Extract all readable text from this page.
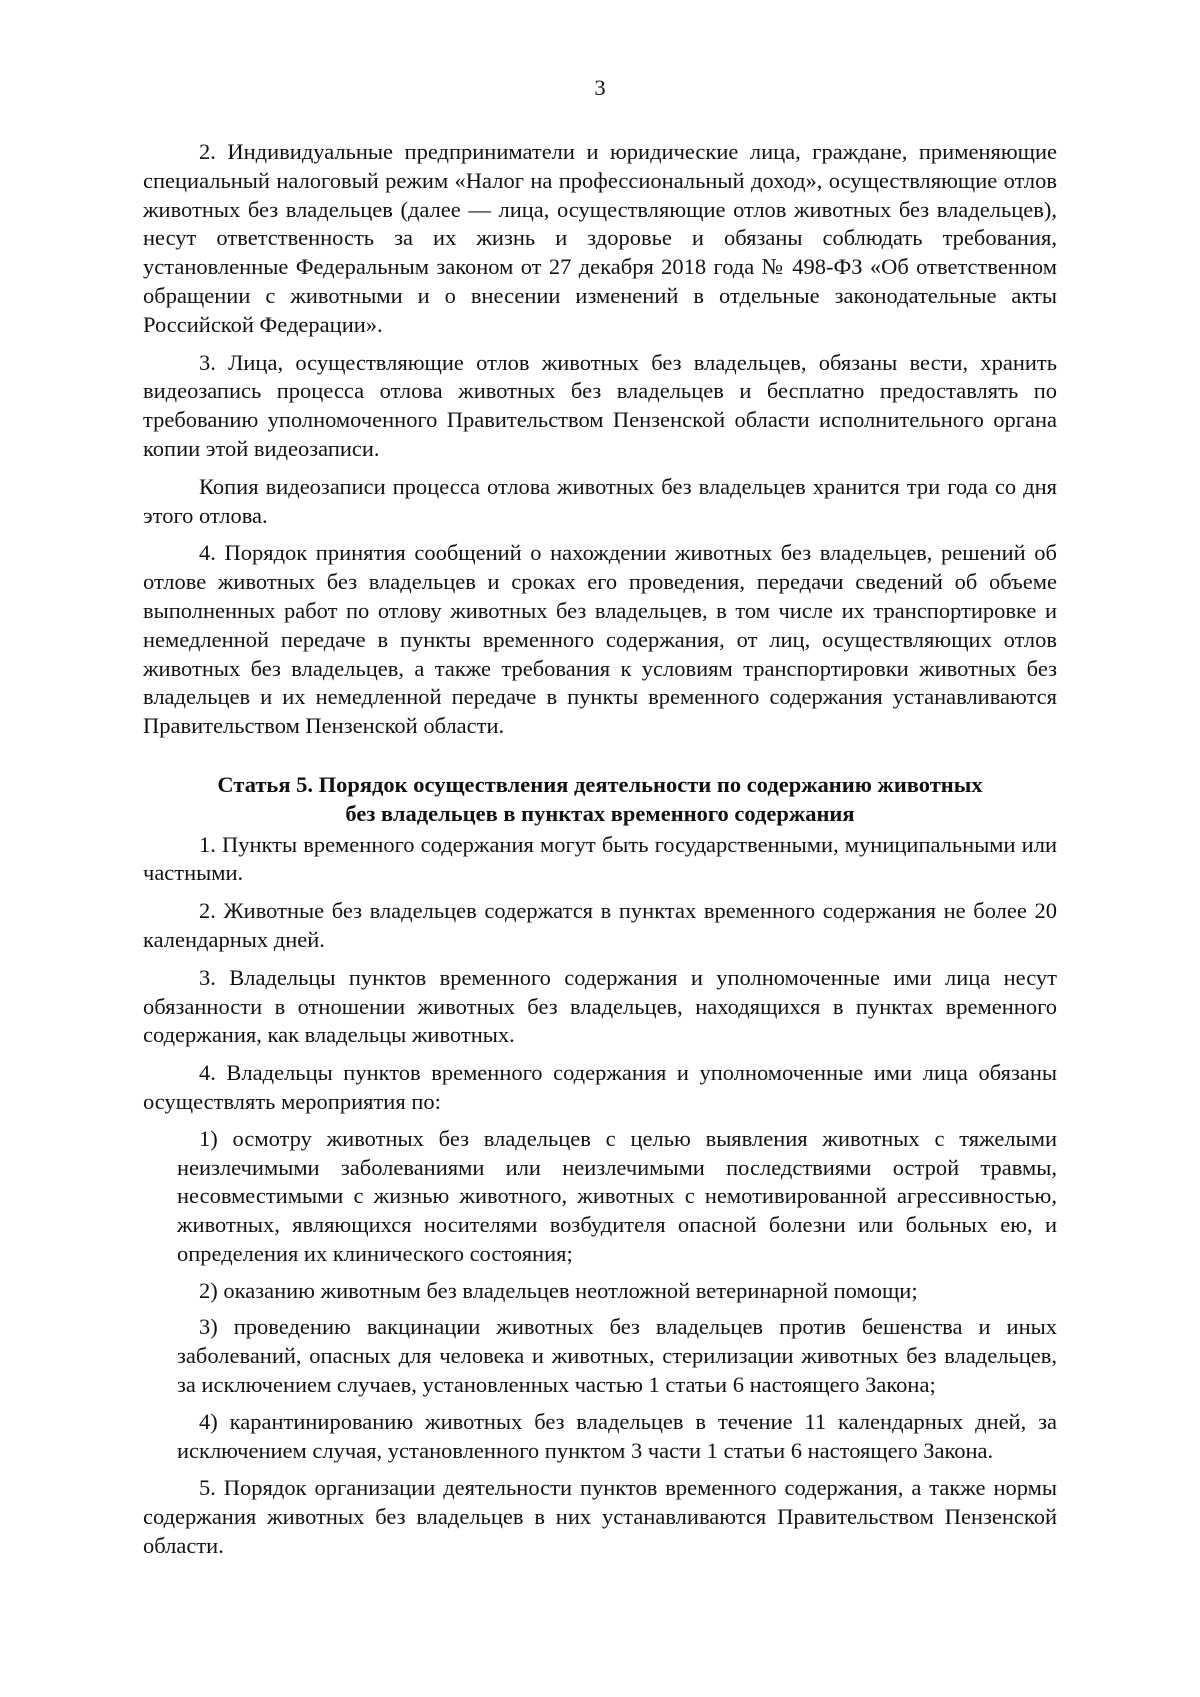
3

2. Индивидуальные предприниматели и юридические лица, граждане, применяющие специальный налоговый режим «Налог на профессиональный доход», осуществляющие отлов животных без владельцев (далее — лица, осуществляющие отлов животных без владельцев), несут ответственность за их жизнь и здоровье и обязаны соблюдать требования, установленные Федеральным законом от 27 декабря 2018 года № 498-ФЗ «Об ответственном обращении с животными и о внесении изменений в отдельные законодательные акты Российской Федерации».

3. Лица, осуществляющие отлов животных без владельцев, обязаны вести, хранить видеозапись процесса отлова животных без владельцев и бесплатно предоставлять по требованию уполномоченного Правительством Пензенской области исполнительного органа копии этой видеозаписи.

Копия видеозаписи процесса отлова животных без владельцев хранится три года со дня этого отлова.

4. Порядок принятия сообщений о нахождении животных без владельцев, решений об отлове животных без владельцев и сроках его проведения, передачи сведений об объеме выполненных работ по отлову животных без владельцев, в том числе их транспортировке и немедленной передаче в пункты временного содержания, от лиц, осуществляющих отлов животных без владельцев, а также требования к условиям транспортировки животных без владельцев и их немедленной передаче в пункты временного содержания устанавливаются Правительством Пензенской области.

Статья 5. Порядок осуществления деятельности по содержанию животных
без владельцев в пунктах временного содержания

1. Пункты временного содержания могут быть государственными, муниципальными или частными.

2. Животные без владельцев содержатся в пунктах временного содержания не более 20 календарных дней.

3. Владельцы пунктов временного содержания и уполномоченные ими лица несут обязанности в отношении животных без владельцев, находящихся в пунктах временного содержания, как владельцы животных.

4. Владельцы пунктов временного содержания и уполномоченные ими лица обязаны осуществлять мероприятия по:

1) осмотру животных без владельцев с целью выявления животных с тяжелыми неизлечимыми заболеваниями или неизлечимыми последствиями острой травмы, несовместимыми с жизнью животного, животных с немотивированной агрессивностью, животных, являющихся носителями возбудителя опасной болезни или больных ею, и определения их клинического состояния;

2) оказанию животным без владельцев неотложной ветеринарной помощи;

3) проведению вакцинации животных без владельцев против бешенства и иных заболеваний, опасных для человека и животных, стерилизации животных без владельцев, за исключением случаев, установленных частью 1 статьи 6 настоящего Закона;

4) карантинированию животных без владельцев в течение 11 календарных дней, за исключением случая, установленного пунктом 3 части 1 статьи 6 настоящего Закона.

5. Порядок организации деятельности пунктов временного содержания, а также нормы содержания животных без владельцев в них устанавливаются Правительством Пензенской области.
